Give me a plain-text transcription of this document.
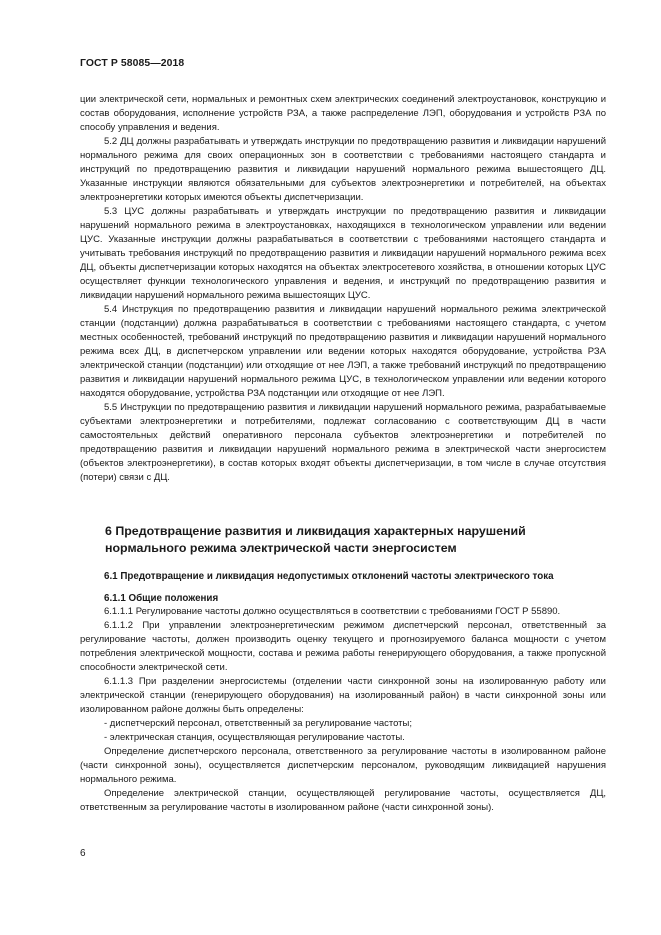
ГОСТ Р 58085—2018

ции электрической сети, нормальных и ремонтных схем электрических соединений электроустановок, конструкцию и состав оборудования, исполнение устройств РЗА, а также распределение ЛЭП, оборудования и устройств РЗА по способу управления и ведения.

5.2 ДЦ должны разрабатывать и утверждать инструкции по предотвращению развития и ликвидации нарушений нормального режима для своих операционных зон в соответствии с требованиями настоящего стандарта и инструкций по предотвращению развития и ликвидации нарушений нормального режима вышестоящего ДЦ. Указанные инструкции являются обязательными для субъектов электроэнергетики и потребителей, на объектах электроэнергетики которых имеются объекты диспетчеризации.

5.3 ЦУС должны разрабатывать и утверждать инструкции по предотвращению развития и ликвидации нарушений нормального режима в электроустановках, находящихся в технологическом управлении или ведении ЦУС. Указанные инструкции должны разрабатываться в соответствии с требованиями настоящего стандарта и учитывать требования инструкций по предотвращению развития и ликвидации нарушений нормального режима всех ДЦ, объекты диспетчеризации которых находятся на объектах электросетевого хозяйства, в отношении которых ЦУС осуществляет функции технологического управления и ведения, и инструкций по предотвращению развития и ликвидации нарушений нормального режима вышестоящих ЦУС.

5.4 Инструкция по предотвращению развития и ликвидации нарушений нормального режима электрической станции (подстанции) должна разрабатываться в соответствии с требованиями настоящего стандарта, с учетом местных особенностей, требований инструкций по предотвращению развития и ликвидации нарушений нормального режима всех ДЦ, в диспетчерском управлении или ведении которых находятся оборудование, устройства РЗА электрической станции (подстанции) или отходящие от нее ЛЭП, а также требований инструкций по предотвращению развития и ликвидации нарушений нормального режима ЦУС, в технологическом управлении или ведении которого находятся оборудование, устройства РЗА подстанции или отходящие от нее ЛЭП.

5.5 Инструкции по предотвращению развития и ликвидации нарушений нормального режима, разрабатываемые субъектами электроэнергетики и потребителями, подлежат согласованию с соответствующим ДЦ в части самостоятельных действий оперативного персонала субъектов электроэнергетики и потребителей по предотвращению развития и ликвидации нарушений нормального режима в электрической части энергосистем (объектов электроэнергетики), в состав которых входят объекты диспетчеризации, в том числе в случае отсутствия (потери) связи с ДЦ.

6 Предотвращение развития и ликвидация характерных нарушений нормального режима электрической части энергосистем
6.1 Предотвращение и ликвидация недопустимых отклонений частоты электрического тока
6.1.1 Общие положения

6.1.1.1 Регулирование частоты должно осуществляться в соответствии с требованиями ГОСТ Р 55890.

6.1.1.2 При управлении электроэнергетическим режимом диспетчерский персонал, ответственный за регулирование частоты, должен производить оценку текущего и прогнозируемого баланса мощности с учетом потребления электрической мощности, состава и режима работы генерирующего оборудования, а также пропускной способности электрической сети.

6.1.1.3 При разделении энергосистемы (отделении части синхронной зоны на изолированную работу или электрической станции (генерирующего оборудования) на изолированный район) в части синхронной зоны или изолированном районе должны быть определены:

- диспетчерский персонал, ответственный за регулирование частоты;

- электрическая станция, осуществляющая регулирование частоты.

Определение диспетчерского персонала, ответственного за регулирование частоты в изолированном районе (части синхронной зоны), осуществляется диспетчерским персоналом, руководящим ликвидацией нарушения нормального режима.

Определение электрической станции, осуществляющей регулирование частоты, осуществляется ДЦ, ответственным за регулирование частоты в изолированном районе (части синхронной зоны).

6
